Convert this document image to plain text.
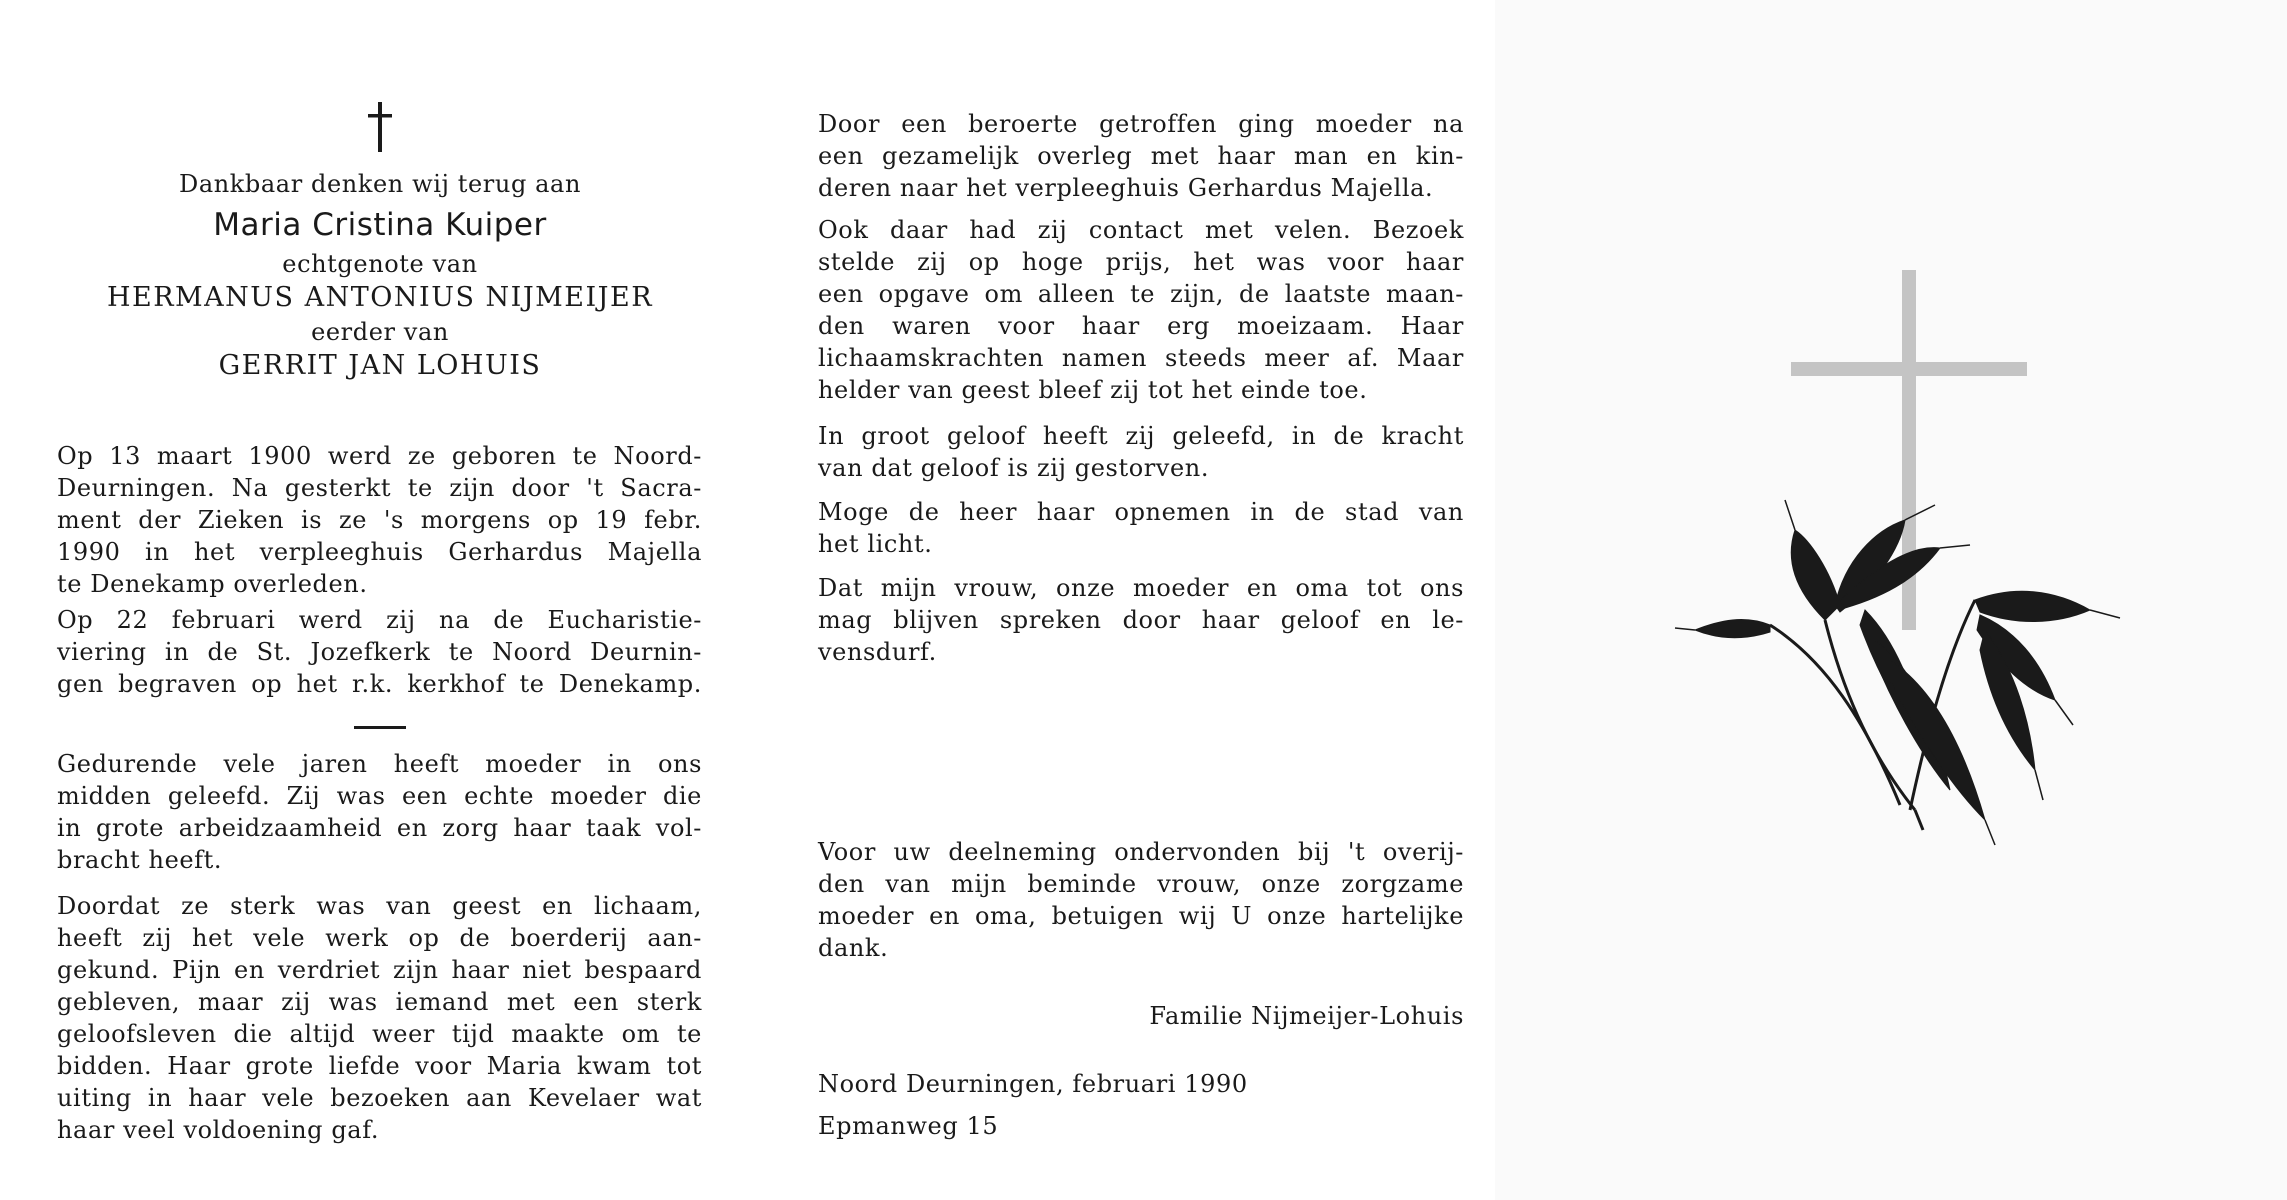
Dankbaar denken wij terug aan
Maria Cristina Kuiper
echtgenote van
HERMANUS ANTONIUS NIJMEIJER
eerder van
GERRIT JAN LOHUIS
Op 13 maart 1900 werd ze geboren te Noord-
Deurningen. Na gesterkt te zijn door 't Sacra-
ment der Zieken is ze 's morgens op 19 febr.
1990 in het verpleeghuis Gerhardus Majella
te Denekamp overleden.
Op 22 februari werd zij na de Eucharistie-
viering in de St. Jozefkerk te Noord Deurnin-
gen begraven op het r.k. kerkhof te Denekamp.
Gedurende vele jaren heeft moeder in ons
midden geleefd. Zij was een echte moeder die
in grote arbeidzaamheid en zorg haar taak vol-
bracht heeft.
Doordat ze sterk was van geest en lichaam,
heeft zij het vele werk op de boerderij aan-
gekund. Pijn en verdriet zijn haar niet bespaard
gebleven, maar zij was iemand met een sterk
geloofsleven die altijd weer tijd maakte om te
bidden. Haar grote liefde voor Maria kwam tot
uiting in haar vele bezoeken aan Kevelaer wat
haar veel voldoening gaf.
Door een beroerte getroffen ging moeder na
een gezamelijk overleg met haar man en kin-
deren naar het verpleeghuis Gerhardus Majella.
Ook daar had zij contact met velen. Bezoek
stelde zij op hoge prijs, het was voor haar
een opgave om alleen te zijn, de laatste maan-
den waren voor haar erg moeizaam. Haar
lichaamskrachten namen steeds meer af. Maar
helder van geest bleef zij tot het einde toe.
In groot geloof heeft zij geleefd, in de kracht
van dat geloof is zij gestorven.
Moge de heer haar opnemen in de stad van
het licht.
Dat mijn vrouw, onze moeder en oma tot ons
mag blijven spreken door haar geloof en le-
vensdurf.
Voor uw deelneming ondervonden bij 't overij-
den van mijn beminde vrouw, onze zorgzame
moeder en oma, betuigen wij U onze hartelijke
dank.
Familie Nijmeijer-Lohuis
Noord Deurningen, februari 1990
Epmanweg 15
